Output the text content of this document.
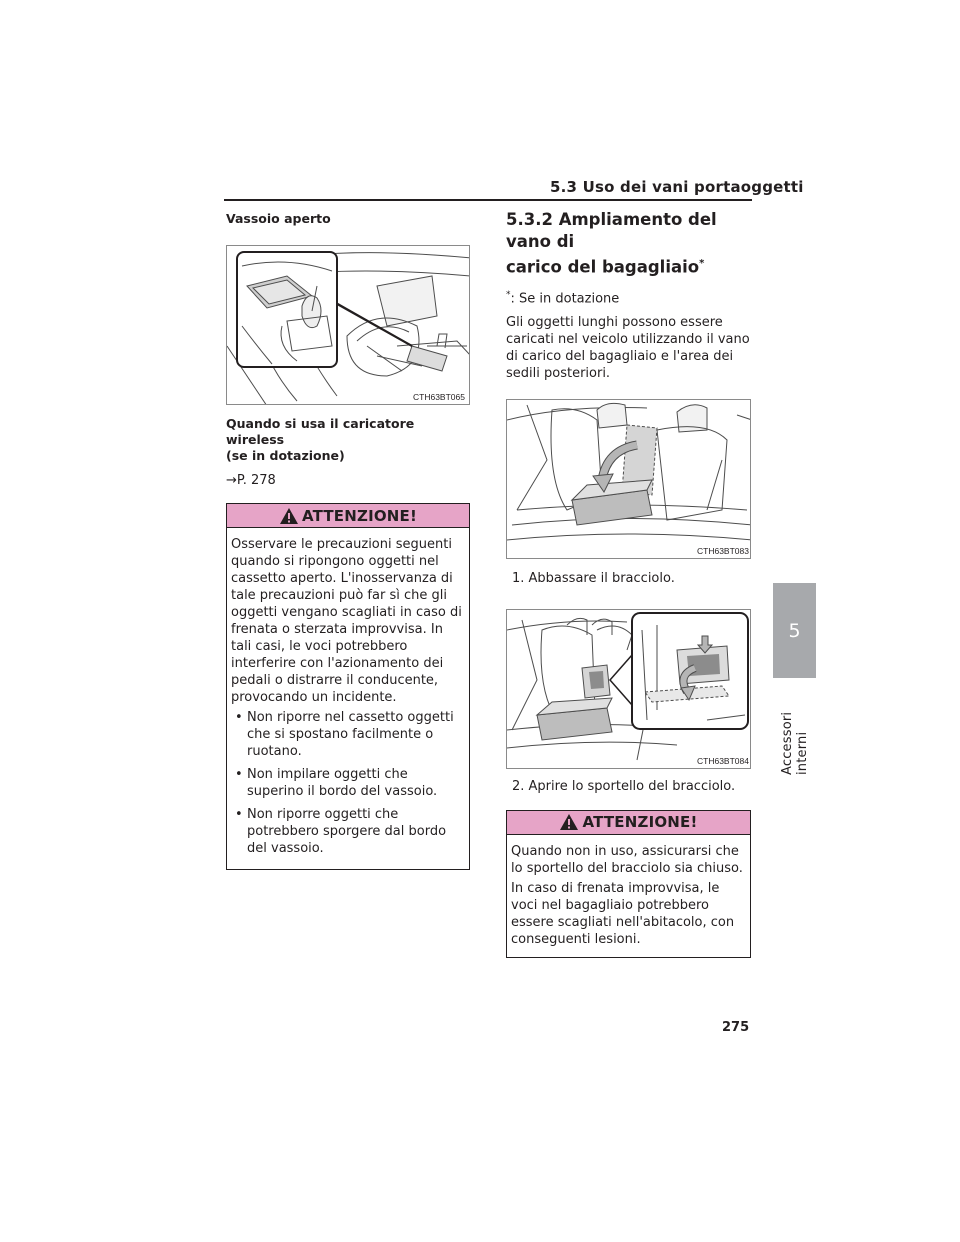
5.3 Uso dei vani portaoggetti
Vassoio aperto
CTH63BT065
Quando si usa il caricatore wireless
(se in dotazione)
→P. 278
ATTENZIONE!

Osservare le precauzioni seguenti quando si ripongono oggetti nel cassetto aperto. L'inosservanza di tale precauzioni può far sì che gli oggetti vengano scagliati in caso di frenata o sterzata improvvisa. In tali casi, le voci potrebbero interferire con l'azionamento dei pedali o distrarre il conducente, provocando un incidente.

• Non riporre nel cassetto oggetti che si spostano facilmente o ruotano.
• Non impilare oggetti che superino il bordo del vassoio.
• Non riporre oggetti che potrebbero sporgere dal bordo del vassoio.
5.3.2 Ampliamento del vano di
carico del bagagliaio*
*: Se in dotazione
Gli oggetti lunghi possono essere caricati nel veicolo utilizzando il vano di carico del bagagliaio e l'area dei sedili posteriori.
CTH63BT083
1. Abbassare il bracciolo.
CTH63BT084
2. Aprire lo sportello del bracciolo.
ATTENZIONE!

Quando non in uso, assicurarsi che lo sportello del bracciolo sia chiuso.

In caso di frenata improvvisa, le voci nel bagagliaio potrebbero essere scagliati nell'abitacolo, con conseguenti lesioni.

5
Accessori interni
275
